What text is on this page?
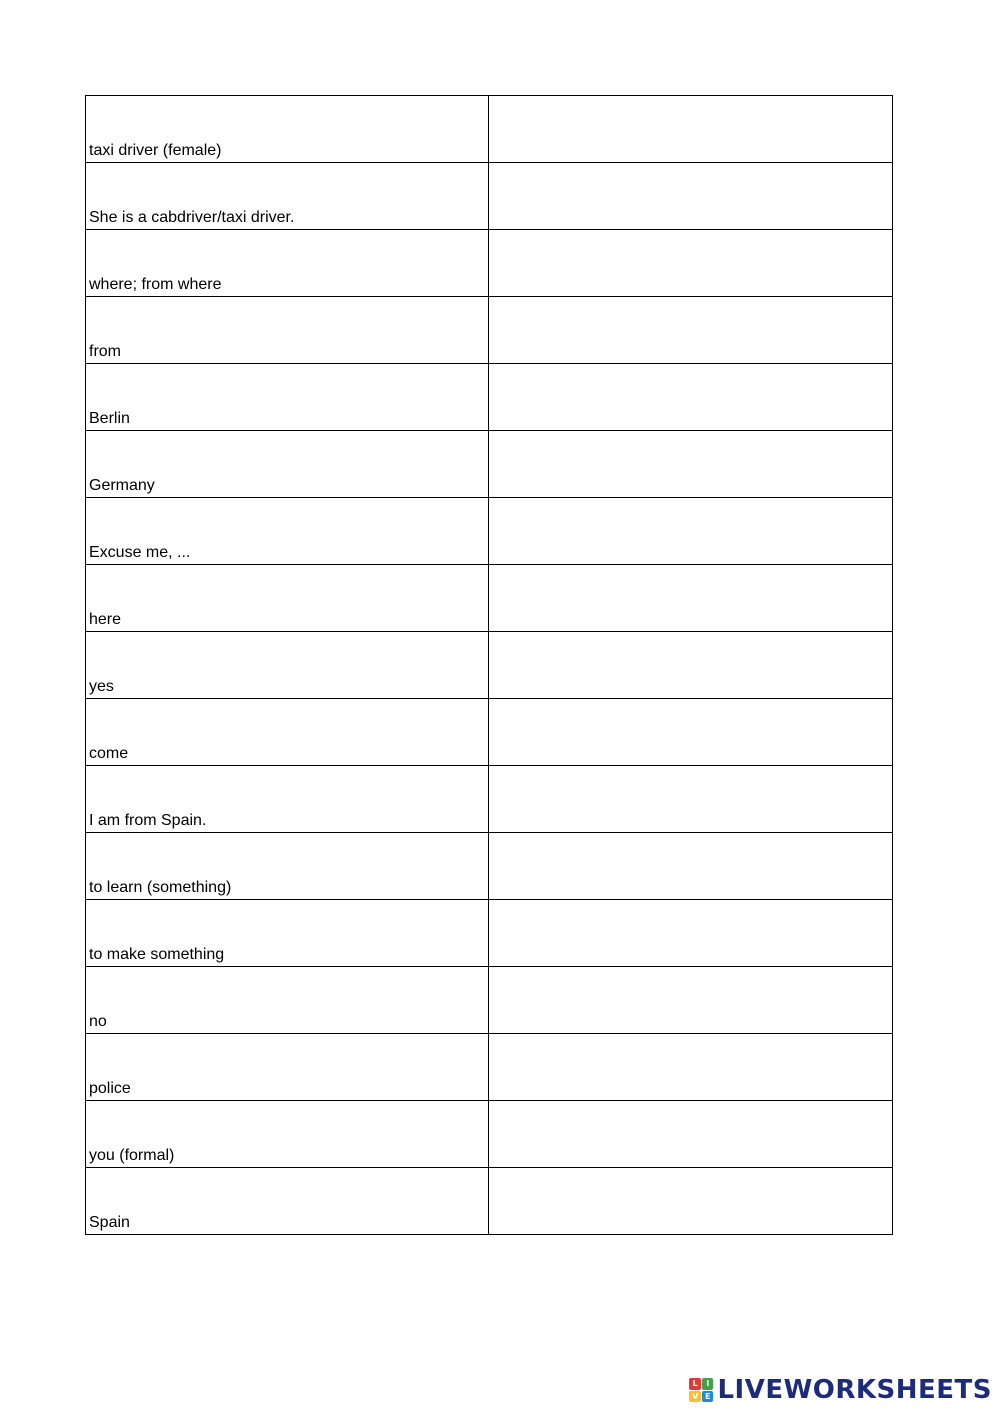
taxi driver (female)

She is a cabdriver/taxi driver.

where; from where

from

Berlin

Germany

Excuse me, ...

here

yes

come

I am from Spain.

to learn (something)

to make something

no

police

you (formal)

Spain

L	I
V E LIVEWORKSHEETS
